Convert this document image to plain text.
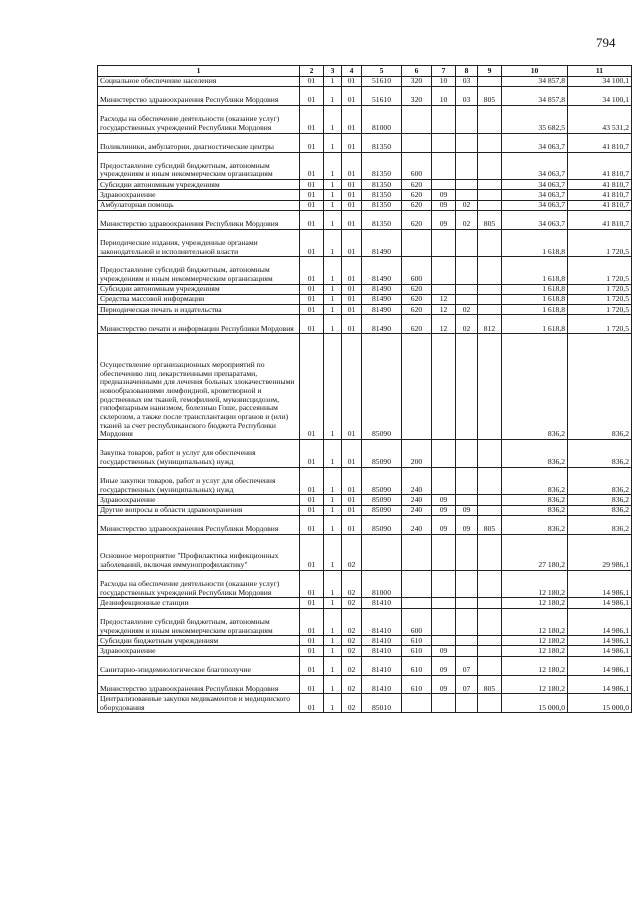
794
1	2	3	4	5	6	7	8	9	10	11
Социальное обеспечение населения	01	1	01	51610	320	10	03		34 857,8	34 100,1
Министерство здравоохранения Республики Мордовия	01	1	01	51610	320	10	03	805	34 857,8	34 100,1
Расходы на обеспечение деятельности (оказание услуг) государственных учреждений Республики Мордовия	01	1	01	81000					35 682,5	43 531,2
Поликлиники, амбулатории, диагностические центры	01	1	01	81350					34 063,7	41 810,7
Предоставление субсидий бюджетным, автономным учреждениям и иным некоммерческим организациям	01	1	01	81350	600				34 063,7	41 810,7
Субсидии автономным учреждениям	01	1	01	81350	620				34 063,7	41 810,7
Здравоохранение	01	1	01	81350	620	09			34 063,7	41 810,7
Амбулаторная помощь	01	1	01	81350	620	09	02		34 063,7	41 810,7
Министерство здравоохранения Республики Мордовия	01	1	01	81350	620	09	02	805	34 063,7	41 810,7
Периодические издания, учрежденные органами законодательной и исполнительной власти	01	1	01	81490					1 618,8	1 720,5
Предоставление субсидий бюджетным, автономным учреждениям и иным некоммерческим организациям	01	1	01	81490	600				1 618,8	1 720,5
Субсидии автономным учреждениям	01	1	01	81490	620				1 618,8	1 720,5
Средства массовой информации	01	1	01	81490	620	12			1 618,8	1 720,5
Периодическая печать и издательства	01	1	01	81490	620	12	02		1 618,8	1 720,5
Министерство печати и информации Республики Мордовия	01	1	01	81490	620	12	02	812	1 618,8	1 720,5
Осуществление организационных мероприятий по обеспечению лиц лекарственными препаратами, предназначенными для лечения больных злокачественными новообразованиями лимфоидной, кроветворной и родственных им тканей, гемофилией, муковисцидозом, гипофизарным нанизмом, болезнью Гоше, рассеянным склерозом, а также после трансплантации органов и (или) тканей за счет республиканского бюджета Республики Мордовия	01	1	01	85090					836,2	836,2
Закупка товаров, работ и услуг для обеспечения государственных (муниципальных) нужд	01	1	01	85090	200				836,2	836,2
Иные закупки товаров, работ и услуг для обеспечения государственных (муниципальных) нужд	01	1	01	85090	240				836,2	836,2
Здравоохранение	01	1	01	85090	240	09			836,2	836,2
Другие вопросы в области здравоохранения	01	1	01	85090	240	09	09		836,2	836,2
Министерство здравоохранения Республики Мордовия	01	1	01	85090	240	09	09	805	836,2	836,2
Основное мероприятие "Профилактика инфекционных заболеваний, включая иммунопрофилактику"	01	1	02						27 180,2	29 986,1
Расходы на обеспечение деятельности (оказание услуг) государственных учреждений Республики Мордовия	01	1	02	81000					12 180,2	14 986,1
Дезинфекционные станции	01	1	02	81410					12 180,2	14 986,1
Предоставление субсидий бюджетным, автономным учреждениям и иным некоммерческим организациям	01	1	02	81410	600				12 180,2	14 986,1
Субсидии бюджетным учреждениям	01	1	02	81410	610				12 180,2	14 986,1
Здравоохранение	01	1	02	81410	610	09			12 180,2	14 986,1
Санитарно-эпидемиологическое благополучие	01	1	02	81410	610	09	07		12 180,2	14 986,1
Министерство здравоохранения Республики Мордовия	01	1	02	81410	610	09	07	805	12 180,2	14 986,1
Централизованные закупки медикаментов и медицинского оборудования	01	1	02	85010					15 000,0	15 000,0
